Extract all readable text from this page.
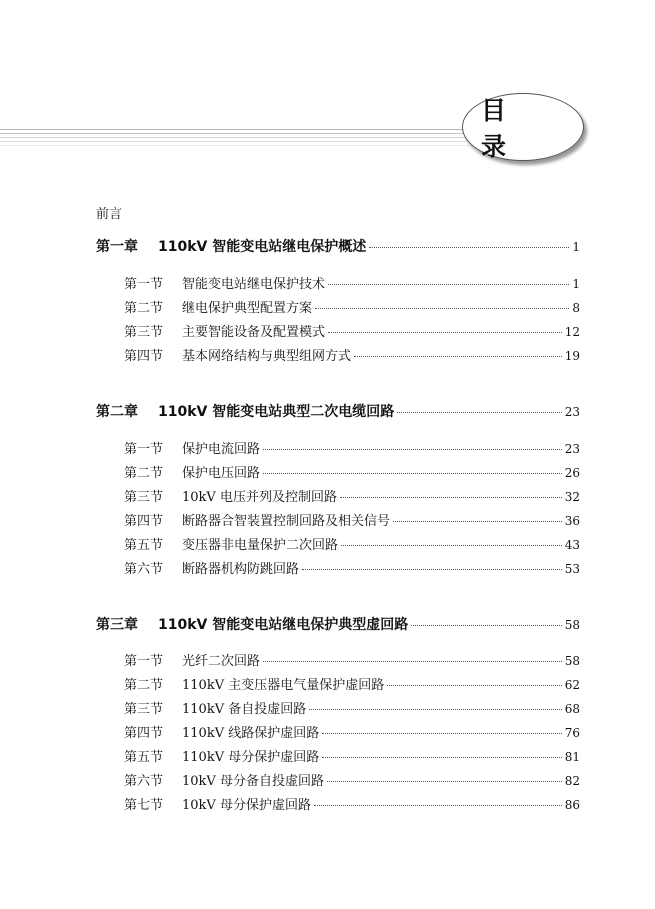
目 录
前言
第一章	110kV 智能变电站继电保护概述	1
第一节	智能变电站继电保护技术	1
第二节	继电保护典型配置方案	8
第三节	主要智能设备及配置模式	12
第四节	基本网络结构与典型组网方式	19
第二章	110kV 智能变电站典型二次电缆回路	23
第一节	保护电流回路	23
第二节	保护电压回路	26
第三节	10kV 电压并列及控制回路	32
第四节	断路器合智装置控制回路及相关信号	36
第五节	变压器非电量保护二次回路	43
第六节	断路器机构防跳回路	53
第三章	110kV 智能变电站继电保护典型虚回路	58
第一节	光纤二次回路	58
第二节	110kV 主变压器电气量保护虚回路	62
第三节	110kV 备自投虚回路	68
第四节	110kV 线路保护虚回路	76
第五节	110kV 母分保护虚回路	81
第六节	10kV 母分备自投虚回路	82
第七节	10kV 母分保护虚回路	86
